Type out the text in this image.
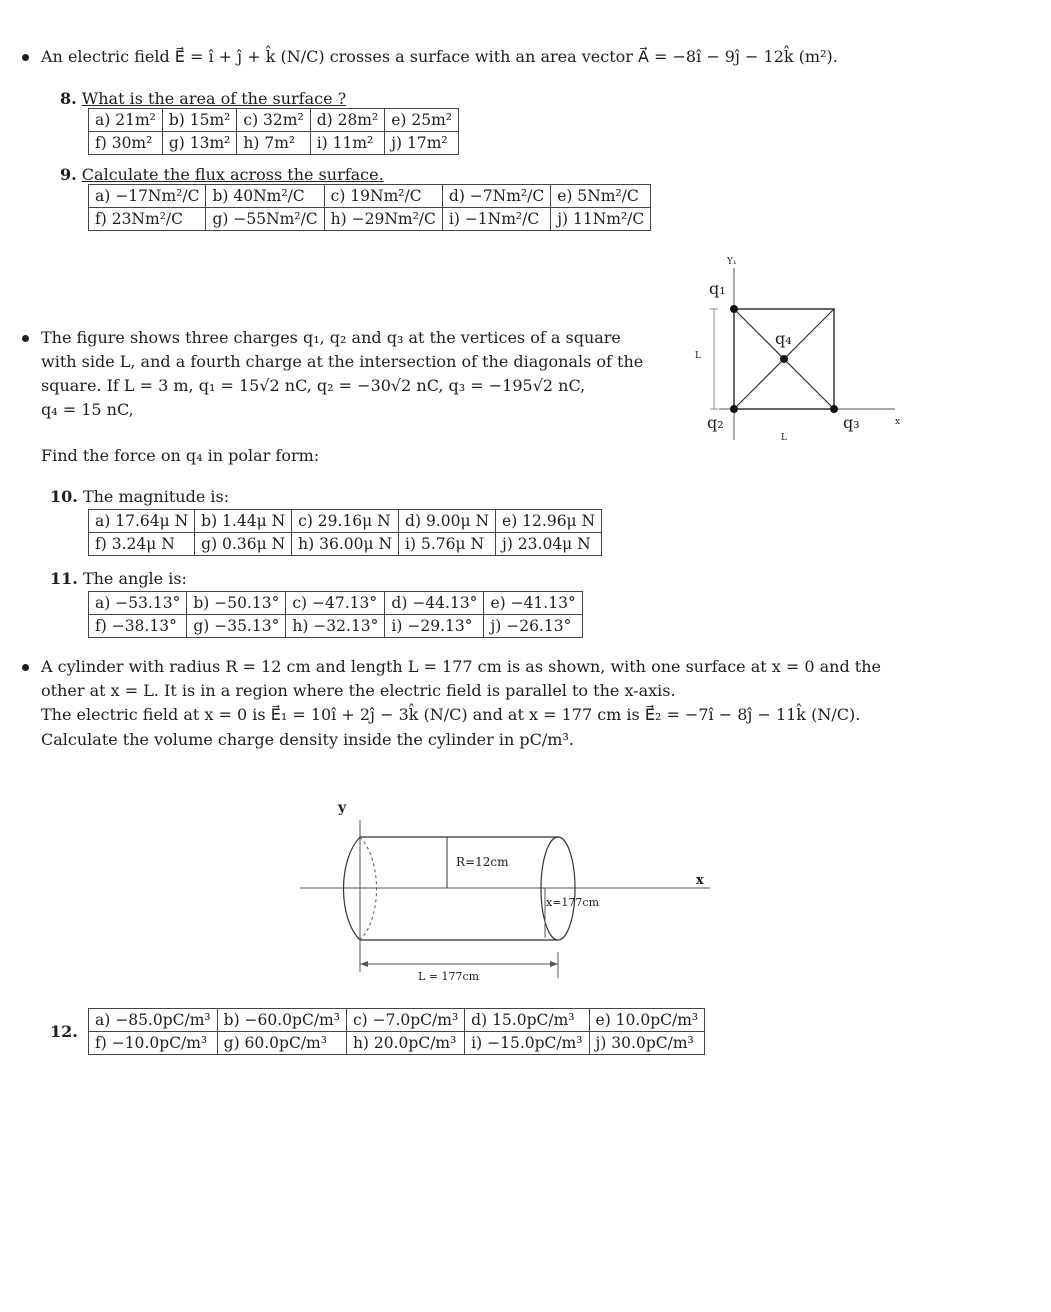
An electric field E⃗ = î + ĵ + k̂ (N/C) crosses a surface with an area vector A⃗ = −8î − 9ĵ − 12k̂ (m²).
8. What is the area of the surface ?
a) 21m²	b) 15m²	c) 32m²	d) 28m²	e) 25m²
f) 30m²	g) 13m²	h) 7m²	i) 11m²	j) 17m²
9. Calculate the flux across the surface.
a) −17Nm²/C	b) 40Nm²/C	c) 19Nm²/C	d) −7Nm²/C	e) 5Nm²/C
f) 23Nm²/C	g) −55Nm²/C	h) −29Nm²/C	i) −1Nm²/C	j) 11Nm²/C
The figure shows three charges q₁, q₂ and q₃ at the vertices of a square
with side L, and a fourth charge at the intersection of the diagonals of the
square. If L = 3 m, q₁ = 15√2 nC, q₂ = −30√2 nC, q₃ = −195√2 nC,
q₄ = 15 nC,
Find the force on q₄ in polar form:
Y₁
q₁
q₄
L
q₂	q₃
L
x
10. The magnitude is:
a) 17.64μ N	b) 1.44μ N	c) 29.16μ N	d) 9.00μ N	e) 12.96μ N
f) 3.24μ N	g) 0.36μ N	h) 36.00μ N	i) 5.76μ N	j) 23.04μ N
11. The angle is:
a) −53.13°	b) −50.13°	c) −47.13°	d) −44.13°	e) −41.13°
f) −38.13°	g) −35.13°	h) −32.13°	i) −29.13°	j) −26.13°
A cylinder with radius R = 12 cm and length L = 177 cm is as shown, with one surface at x = 0 and the
other at x = L. It is in a region where the electric field is parallel to the x-axis.
The electric field at x = 0 is E⃗₁ = 10î + 2ĵ − 3k̂ (N/C) and at x = 177 cm is E⃗₂ = −7î − 8ĵ − 11k̂ (N/C).
Calculate the volume charge density inside the cylinder in pC/m³.
y
R=12cm
x
x=177cm
L = 177cm
12.
a) −85.0pC/m³	b) −60.0pC/m³	c) −7.0pC/m³	d) 15.0pC/m³	e) 10.0pC/m³
f) −10.0pC/m³	g) 60.0pC/m³	h) 20.0pC/m³	i) −15.0pC/m³	j) 30.0pC/m³
